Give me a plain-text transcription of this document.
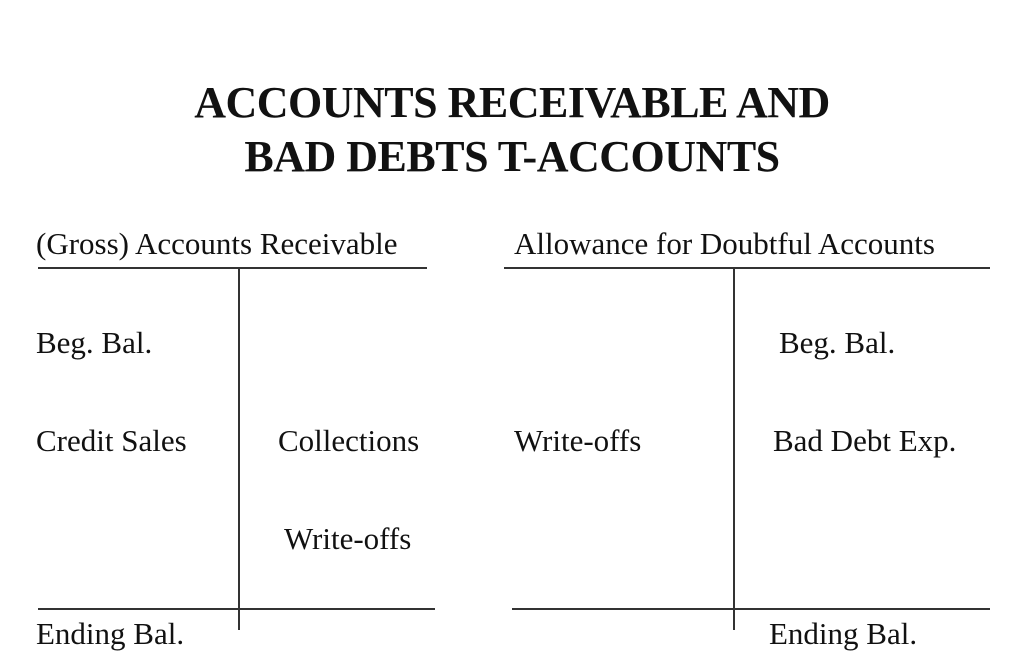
ACCOUNTS RECEIVABLE AND
BAD DEBTS T-ACCOUNTS
(Gross) Accounts Receivable
Beg. Bal.
Credit Sales	Collections
Write-offs
Ending Bal.
Allowance for Doubtful Accounts
Write-offs
Beg. Bal.
Bad Debt Exp.
Ending Bal.
